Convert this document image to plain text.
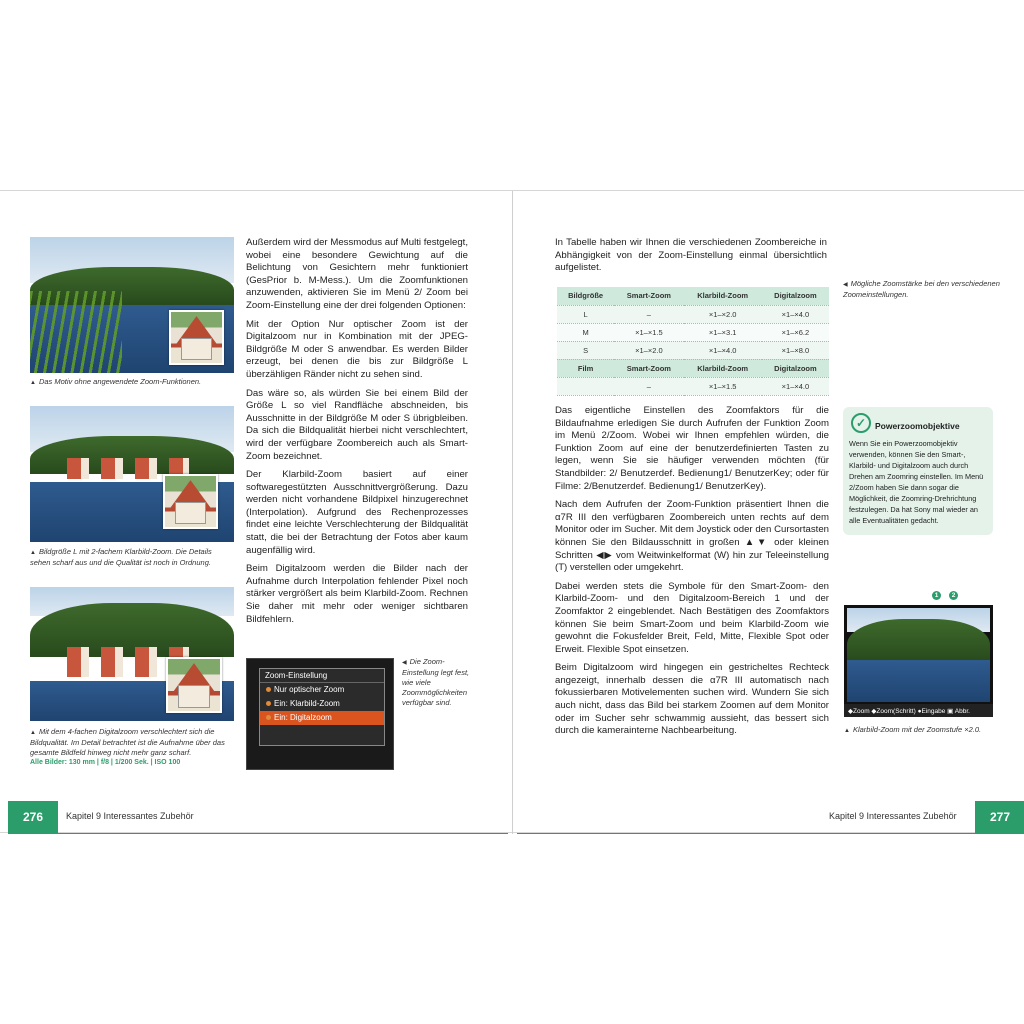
▲ Das Motiv ohne angewendete Zoom-Funktionen.
▲ Bildgröße L mit 2-fachem Klarbild-Zoom. Die Details sehen scharf aus und die Qualität ist noch in Ordnung.
▲ Mit dem 4-fachen Digitalzoom verschlechtert sich die Bildqualität. Im Detail betrachtet ist die Aufnahme über das gesamte Bildfeld hinweg nicht mehr ganz scharf.
Alle Bilder: 130 mm | f/8 | 1/200 Sek. | ISO 100

Außerdem wird der Messmodus auf Multi festgelegt, wobei eine besondere Gewichtung auf die Belichtung von Gesichtern mehr funktioniert (GesPrior b. M-Mess.). Um die Zoomfunktionen anzuwenden, aktivieren Sie im Menü 2/ Zoom bei Zoom-Einstellung eine der drei folgenden Optionen:

Mit der Option Nur optischer Zoom ist der Digitalzoom nur in Kombination mit der JPEG-Bildgröße M oder S anwendbar. Es werden Bilder erzeugt, bei denen die bis zur Bildgröße L überzähligen Ränder nicht zu sehen sind.

Das wäre so, als würden Sie bei einem Bild der Größe L so viel Randfläche abschneiden, bis Ausschnitte in der Bildgröße M oder S übrigbleiben. Da sich die Bildqualität hierbei nicht verschlechtert, wird der verfügbare Zoombereich auch als Smart-Zoom bezeichnet.

Der Klarbild-Zoom basiert auf einer softwaregestützten Ausschnittvergrößerung. Dazu werden nicht vorhandene Bildpixel hinzugerechnet (Interpolation). Aufgrund des Rechenprozesses findet eine leichte Verschlechterung der Bildqualität statt, die bei der Betrachtung der Fotos aber kaum augenfällig wird.

Beim Digitalzoom werden die Bilder nach der Aufnahme durch Interpolation fehlender Pixel noch stärker vergrößert als beim Klarbild-Zoom. Rechnen Sie daher mit mehr oder weniger sichtbaren Bildfehlern.

Zoom-Einstellung
Nur optischer Zoom
Ein: Klarbild-Zoom
Ein: Digitalzoom
◀ Die Zoom-Einstellung legt fest, wie viele Zoommöglichkeiten verfügbar sind.
276	Kapitel 9 Interessantes Zubehör

In Tabelle haben wir Ihnen die verschiedenen Zoombereiche in Abhängigkeit von der Zoom-Einstellung einmal übersichtlich aufgelistet.

Bildgröße	Smart-Zoom	Klarbild-Zoom	Digitalzoom
L	–	×1–×2.0	×1–×4.0
M	×1–×1.5	×1–×3.1	×1–×6.2
S	×1–×2.0	×1–×4.0	×1–×8.0
Film	Smart-Zoom	Klarbild-Zoom	Digitalzoom
	–	×1–×1.5	×1–×4.0
◀ Mögliche Zoomstärke bei den verschiedenen Zoomeinstellungen.

Das eigentliche Einstellen des Zoomfaktors für die Bildaufnahme erledigen Sie durch Aufrufen der Funktion Zoom im Menü 2/Zoom. Wobei wir Ihnen empfehlen würden, die Funktion Zoom auf eine der benutzerdefinierten Tasten zu legen, wenn Sie sie häufiger verwenden möchten (für Standbilder: 2/ Benutzerdef. Bedienung1/ BenutzerKey; oder für Filme: 2/Benutzerdef. Bedienung1/ BenutzerKey).

Nach dem Aufrufen der Zoom-Funktion präsentiert Ihnen die α7R III den verfügbaren Zoombereich unten rechts auf dem Monitor oder im Sucher. Mit dem Joystick oder den Cursortasten können Sie den Bildausschnitt in großen ▲▼ oder kleinen Schritten ◀▶ vom Weitwinkelformat (W) hin zur Teleeinstellung (T) verstellen oder umgekehrt.

Dabei werden stets die Symbole für den Smart-Zoom- den Klarbild-Zoom- und den Digitalzoom-Bereich 1 und der Zoomfaktor 2 eingeblendet. Nach Bestätigen des Zoomfaktors können Sie beim Smart-Zoom und beim Klarbild-Zoom wie gewohnt die Fokusfelder Breit, Feld, Mitte, Flexible Spot oder Erweit. Flexible Spot einsetzen.

Beim Digitalzoom wird hingegen ein gestricheltes Rechteck angezeigt, innerhalb dessen die α7R III automatisch nach fokussierbaren Motivelementen suchen wird. Wundern Sie sich auch nicht, dass das Bild bei starkem Zoomen auf dem Monitor oder im Sucher sehr schwammig aussieht, das bessert sich durch die kamerainterne Nachbearbeitung.

✓	Powerzoomobjektive
Wenn Sie ein Powerzoomobjektiv verwenden, können Sie den Smart-, Klarbild- und Digitalzoom auch durch Drehen am Zoomring einstellen. Im Menü 2/Zoom haben Sie dann sogar die Möglichkeit, die Zoomring-Drehrichtung festzulegen. Da hat Sony mal wieder an alle Eventualitäten gedacht.
◆Zoom ◆Zoom(Schritt) ●Eingabe ▣ Abbr.
1	2
▲ Klarbild-Zoom mit der Zoomstufe ×2.0.
Kapitel 9 Interessantes Zubehör	277
